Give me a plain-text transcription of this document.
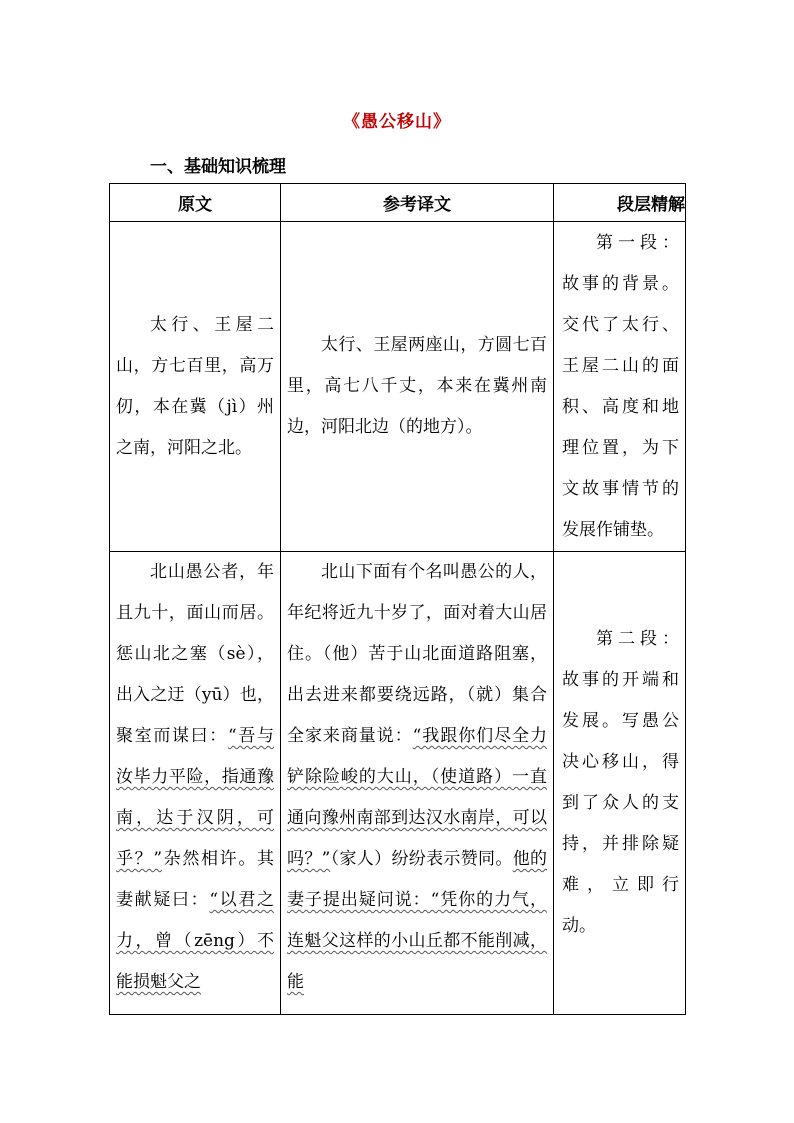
《愚公移山》
一、基础知识梳理
原文	参考译文	段层精解

太行、王屋二山，方七百里，高万仞，本在冀（jì）州之南，河阳之北。	太行、王屋两座山，方圆七百里，高七八千丈，本来在冀州南边，河阳北边（的地方）。	第一段：故事的背景。交代了太行、王屋二山的面积、高度和地理位置，为下文故事情节的发展作铺垫。

北山愚公者，年且九十，面山而居。惩山北之塞（sè），出入之迂（yū）也，聚室而谋曰：“吾与汝毕力平险，指通豫南，达于汉阴，可乎？”杂然相许。其妻献疑曰：“以君之力，曾（zēng）不能损魁父之	北山下面有个名叫愚公的人，年纪将近九十岁了，面对着大山居住。（他）苦于山北面道路阻塞，出去进来都要绕远路，（就）集合全家来商量说：“我跟你们尽全力铲除险峻的大山，（使道路）一直通向豫州南部到达汉水南岸，可以吗？”（家人）纷纷表示赞同。他的妻子提出疑问说：“凭你的力气，连魁父这样的小山丘都不能削减，能	第二段：故事的开端和发展。写愚公决心移山，得到了众人的支持，并排除疑难，立即行动。
